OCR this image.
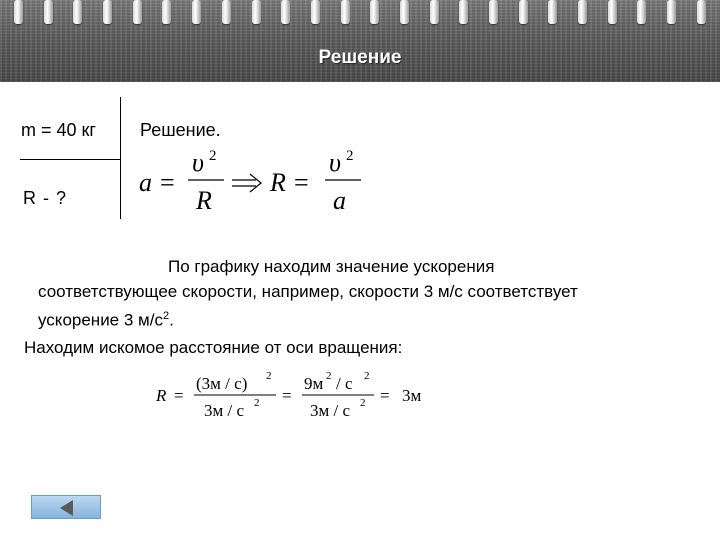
Решение
m = 40 кг
R - ?
Решение.
a =
υ 2
R
R =
υ 2
a
По графику находим значение ускорения
соответствующее скорости, например, скорости 3 м/с соответствует
ускорение 3 $м/с^2$.
Находим искомое расстояние от оси вращения:
R =
(3м / с) 2
3м / с 2 =
9м 2 / с 2
3м / с 2 = 3м
